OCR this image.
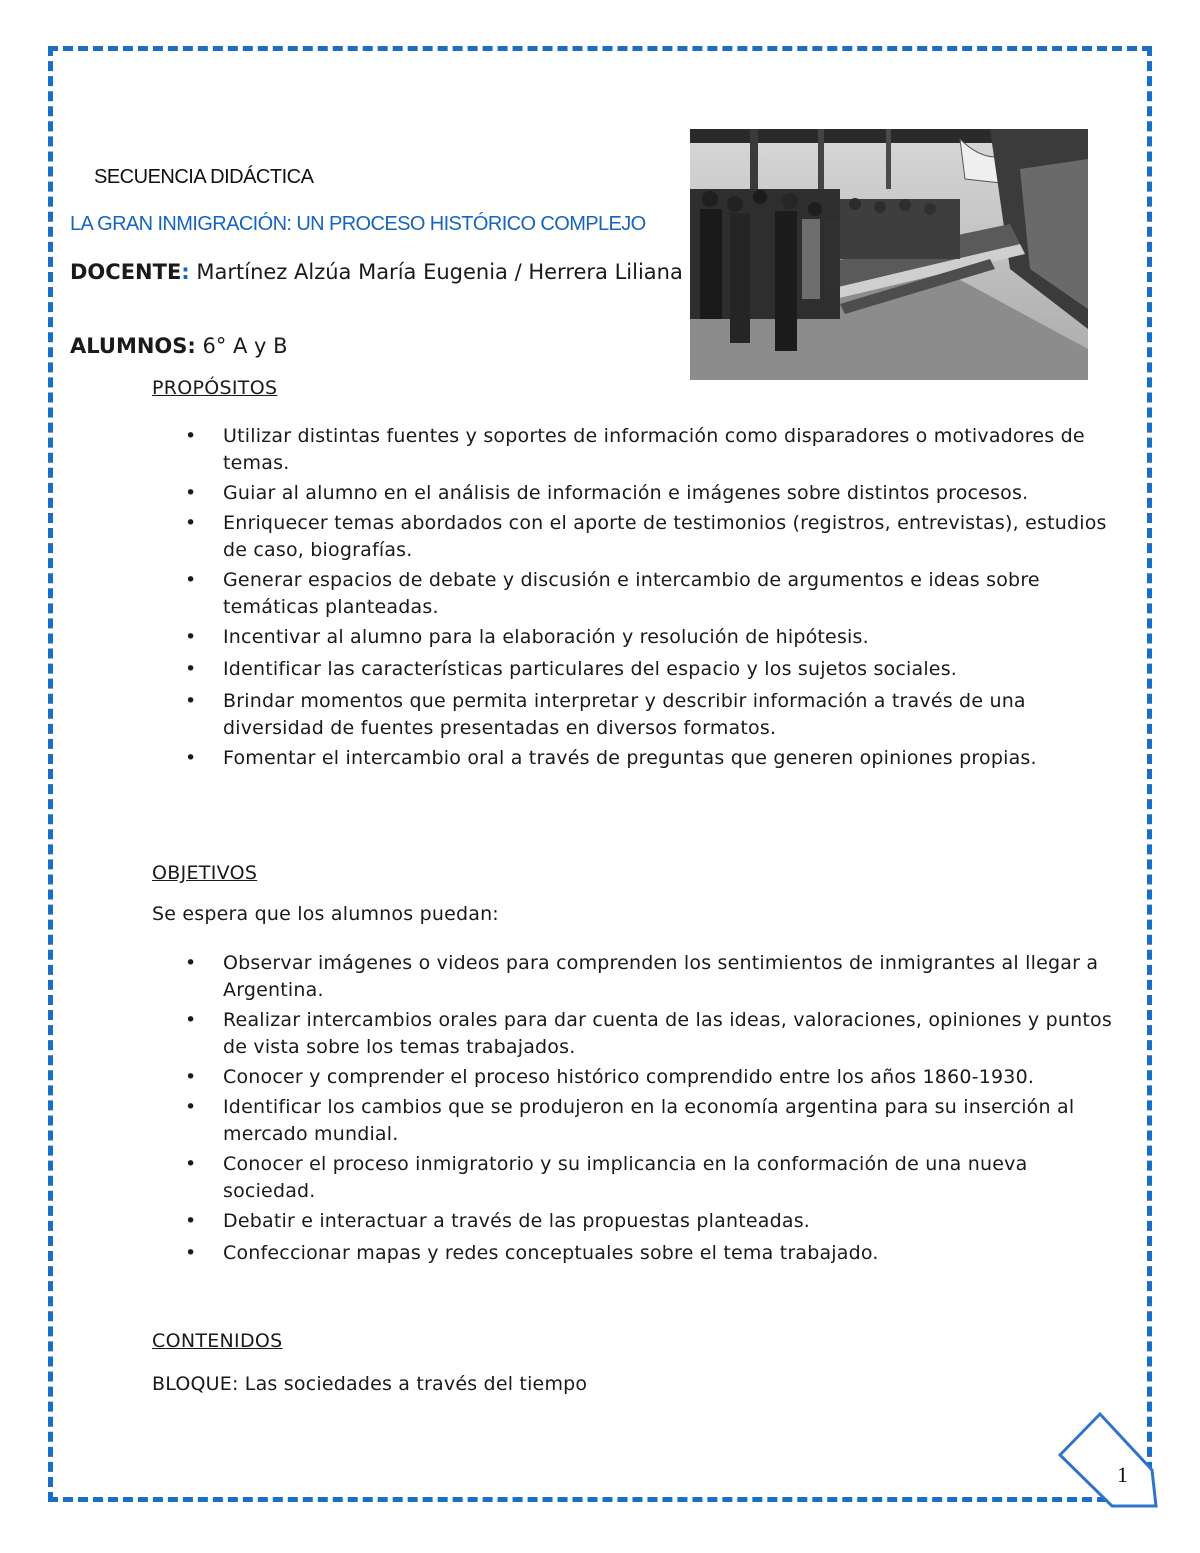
SECUENCIA DIDÁCTICA
LA GRAN INMIGRACIÓN: UN PROCESO HISTÓRICO COMPLEJO
DOCENTE: Martínez Alzúa María Eugenia / Herrera Liliana
ALUMNOS: 6° A y B
PROPÓSITOS
• Utilizar distintas fuentes y soportes de información como disparadores o motivadores de temas.
• Guiar al alumno en el análisis de información e imágenes sobre distintos procesos.
• Enriquecer temas abordados con el aporte de testimonios (registros, entrevistas), estudios de caso, biografías.
• Generar espacios de debate y discusión e intercambio de argumentos e ideas sobre temáticas planteadas.
• Incentivar al alumno para la elaboración y resolución de hipótesis.
• Identificar las características particulares del espacio y los sujetos sociales.
• Brindar momentos que permita interpretar y describir información a través de una diversidad de fuentes presentadas en diversos formatos.
• Fomentar el intercambio oral a través de preguntas que generen opiniones propias.
OBJETIVOS
Se espera que los alumnos puedan:
• Observar imágenes o videos para comprenden los sentimientos de inmigrantes al llegar a Argentina.
• Realizar intercambios orales para dar cuenta de las ideas, valoraciones, opiniones y puntos de vista sobre los temas trabajados.
• Conocer y comprender el proceso histórico comprendido entre los años 1860-1930.
• Identificar los cambios que se produjeron en la economía argentina para su inserción al mercado mundial.
• Conocer el proceso inmigratorio y su implicancia en la conformación de una nueva sociedad.
• Debatir e interactuar a través de las propuestas planteadas.
• Confeccionar mapas y redes conceptuales sobre el tema trabajado.
CONTENIDOS
BLOQUE: Las sociedades a través del tiempo
1
